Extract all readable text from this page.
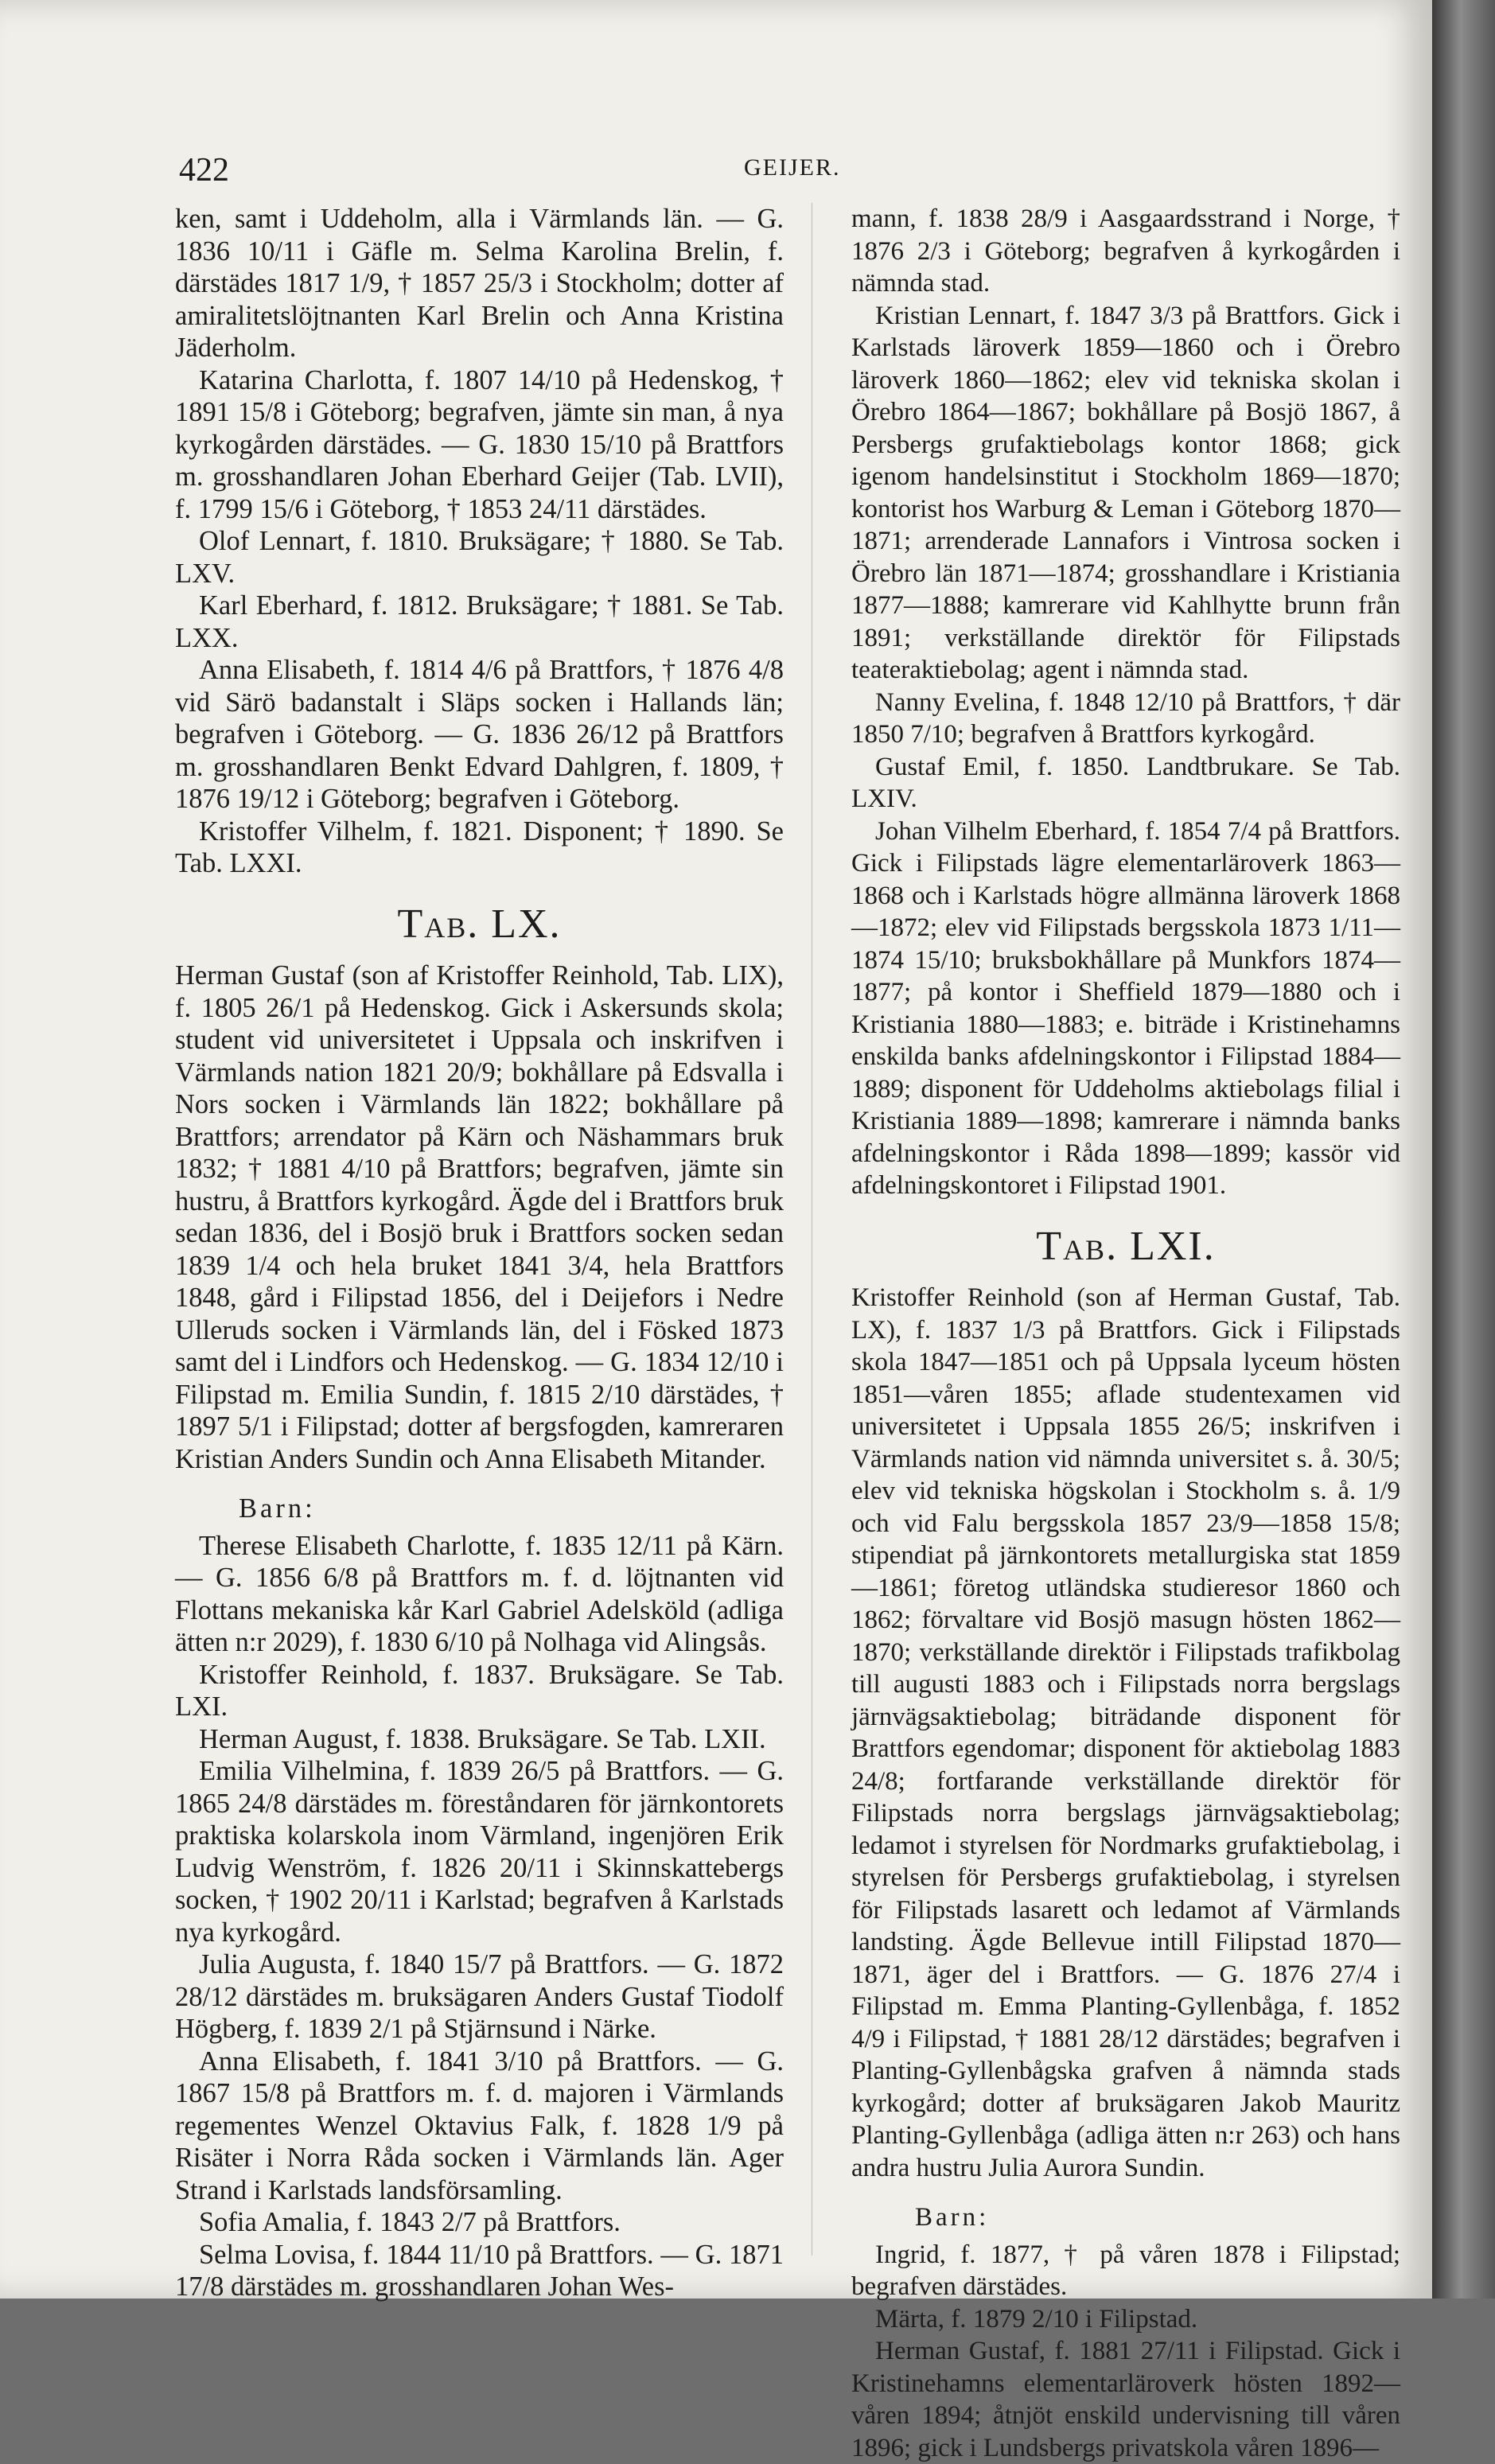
422	GEIJER.

ken, samt i Uddeholm, alla i Värmlands län. — G. 1836 10/11 i Gäfle m. Selma Karolina Brelin, f. därstädes 1817 1/9, † 1857 25/3 i Stockholm; dotter af amiralitetslöjtnanten Karl Brelin och Anna Kristina Jäderholm.

Katarina Charlotta, f. 1807 14/10 på Hedenskog, † 1891 15/8 i Göteborg; begrafven, jämte sin man, å nya kyrkogården därstädes. — G. 1830 15/10 på Brattfors m. grosshandlaren Johan Eberhard Geijer (Tab. LVII), f. 1799 15/6 i Göteborg, † 1853 24/11 därstädes.

Olof Lennart, f. 1810. Bruksägare; † 1880. Se Tab. LXV.

Karl Eberhard, f. 1812. Bruksägare; † 1881. Se Tab. LXX.

Anna Elisabeth, f. 1814 4/6 på Brattfors, † 1876 4/8 vid Särö badanstalt i Släps socken i Hallands län; begrafven i Göteborg. — G. 1836 26/12 på Brattfors m. grosshandlaren Benkt Edvard Dahlgren, f. 1809, † 1876 19/12 i Göteborg; begrafven i Göteborg.

Kristoffer Vilhelm, f. 1821. Disponent; † 1890. Se Tab. LXXI.

Tab. LX.

Herman Gustaf (son af Kristoffer Reinhold, Tab. LIX), f. 1805 26/1 på Hedenskog. Gick i Askersunds skola; student vid universitetet i Uppsala och inskrifven i Värmlands nation 1821 20/9; bokhållare på Edsvalla i Nors socken i Värmlands län 1822; bokhållare på Brattfors; arrendator på Kärn och Näshammars bruk 1832; † 1881 4/10 på Brattfors; begrafven, jämte sin hustru, å Brattfors kyrkogård. Ägde del i Brattfors bruk sedan 1836, del i Bosjö bruk i Brattfors socken sedan 1839 1/4 och hela bruket 1841 3/4, hela Brattfors 1848, gård i Filipstad 1856, del i Deijefors i Nedre Ulleruds socken i Värmlands län, del i Fösked 1873 samt del i Lindfors och Hedenskog. — G. 1834 12/10 i Filipstad m. Emilia Sundin, f. 1815 2/10 därstädes, † 1897 5/1 i Filipstad; dotter af bergsfogden, kamreraren Kristian Anders Sundin och Anna Elisabeth Mitander.

Barn:

Therese Elisabeth Charlotte, f. 1835 12/11 på Kärn. — G. 1856 6/8 på Brattfors m. f. d. löjtnanten vid Flottans mekaniska kår Karl Gabriel Adelsköld (adliga ätten n:r 2029), f. 1830 6/10 på Nolhaga vid Alingsås.

Kristoffer Reinhold, f. 1837. Bruksägare. Se Tab. LXI.

Herman August, f. 1838. Bruksägare. Se Tab. LXII.

Emilia Vilhelmina, f. 1839 26/5 på Brattfors. — G. 1865 24/8 därstädes m. föreståndaren för järnkontorets praktiska kolarskola inom Värmland, ingenjören Erik Ludvig Wenström, f. 1826 20/11 i Skinnskattebergs socken, † 1902 20/11 i Karlstad; begrafven å Karlstads nya kyrkogård.

Julia Augusta, f. 1840 15/7 på Brattfors. — G. 1872 28/12 därstädes m. bruksägaren Anders Gustaf Tiodolf Högberg, f. 1839 2/1 på Stjärnsund i Närke.

Anna Elisabeth, f. 1841 3/10 på Brattfors. — G. 1867 15/8 på Brattfors m. f. d. majoren i Värmlands regementes Wenzel Oktavius Falk, f. 1828 1/9 på Risäter i Norra Råda socken i Värmlands län. Ager Strand i Karlstads landsförsamling.

Sofia Amalia, f. 1843 2/7 på Brattfors.

Selma Lovisa, f. 1844 11/10 på Brattfors. — G. 1871 17/8 därstädes m. grosshandlaren Johan Wes-

mann, f. 1838 28/9 i Aasgaardsstrand i Norge, † 1876 2/3 i Göteborg; begrafven å kyrkogården i nämnda stad.

Kristian Lennart, f. 1847 3/3 på Brattfors. Gick i Karlstads läroverk 1859—1860 och i Örebro läroverk 1860—1862; elev vid tekniska skolan i Örebro 1864—1867; bokhållare på Bosjö 1867, å Persbergs grufaktiebolags kontor 1868; gick igenom handelsinstitut i Stockholm 1869—1870; kontorist hos Warburg & Leman i Göteborg 1870—1871; arrenderade Lannafors i Vintrosa socken i Örebro län 1871—1874; grosshandlare i Kristiania 1877—1888; kamrerare vid Kahlhytte brunn från 1891; verkställande direktör för Filipstads teateraktiebolag; agent i nämnda stad.

Nanny Evelina, f. 1848 12/10 på Brattfors, † där 1850 7/10; begrafven å Brattfors kyrkogård.

Gustaf Emil, f. 1850. Landtbrukare. Se Tab. LXIV.

Johan Vilhelm Eberhard, f. 1854 7/4 på Brattfors. Gick i Filipstads lägre elementarläroverk 1863—1868 och i Karlstads högre allmänna läroverk 1868—1872; elev vid Filipstads bergsskola 1873 1/11—1874 15/10; bruksbokhållare på Munkfors 1874—1877; på kontor i Sheffield 1879—1880 och i Kristiania 1880—1883; e. biträde i Kristinehamns enskilda banks afdelningskontor i Filipstad 1884—1889; disponent för Uddeholms aktiebolags filial i Kristiania 1889—1898; kamrerare i nämnda banks afdelningskontor i Råda 1898—1899; kassör vid afdelningskontoret i Filipstad 1901.

Tab. LXI.

Kristoffer Reinhold (son af Herman Gustaf, Tab. LX), f. 1837 1/3 på Brattfors. Gick i Filipstads skola 1847—1851 och på Uppsala lyceum hösten 1851—våren 1855; aflade studentexamen vid universitetet i Uppsala 1855 26/5; inskrifven i Värmlands nation vid nämnda universitet s. å. 30/5; elev vid tekniska högskolan i Stockholm s. å. 1/9 och vid Falu bergsskola 1857 23/9—1858 15/8; stipendiat på järnkontorets metallurgiska stat 1859—1861; företog utländska studieresor 1860 och 1862; förvaltare vid Bosjö masugn hösten 1862—1870; verkställande direktör i Filipstads trafikbolag till augusti 1883 och i Filipstads norra bergslags järnvägsaktiebolag; biträdande disponent för Brattfors egendomar; disponent för aktiebolag 1883 24/8; fortfarande verkställande direktör för Filipstads norra bergslags järnvägsaktiebolag; ledamot i styrelsen för Nordmarks grufaktiebolag, i styrelsen för Persbergs grufaktiebolag, i styrelsen för Filipstads lasarett och ledamot af Värmlands landsting. Ägde Bellevue intill Filipstad 1870—1871, äger del i Brattfors. — G. 1876 27/4 i Filipstad m. Emma Planting-Gyllenbåga, f. 1852 4/9 i Filipstad, † 1881 28/12 därstädes; begrafven i Planting-Gyllenbågska grafven å nämnda stads kyrkogård; dotter af bruksägaren Jakob Mauritz Planting-Gyllenbåga (adliga ätten n:r 263) och hans andra hustru Julia Aurora Sundin.

Barn:

Ingrid, f. 1877, † på våren 1878 i Filipstad; begrafven därstädes.

Märta, f. 1879 2/10 i Filipstad.

Herman Gustaf, f. 1881 27/11 i Filipstad. Gick i Kristinehamns elementarläroverk hösten 1892—våren 1894; åtnjöt enskild undervisning till våren 1896; gick i Lundsbergs privatskola våren 1896—
